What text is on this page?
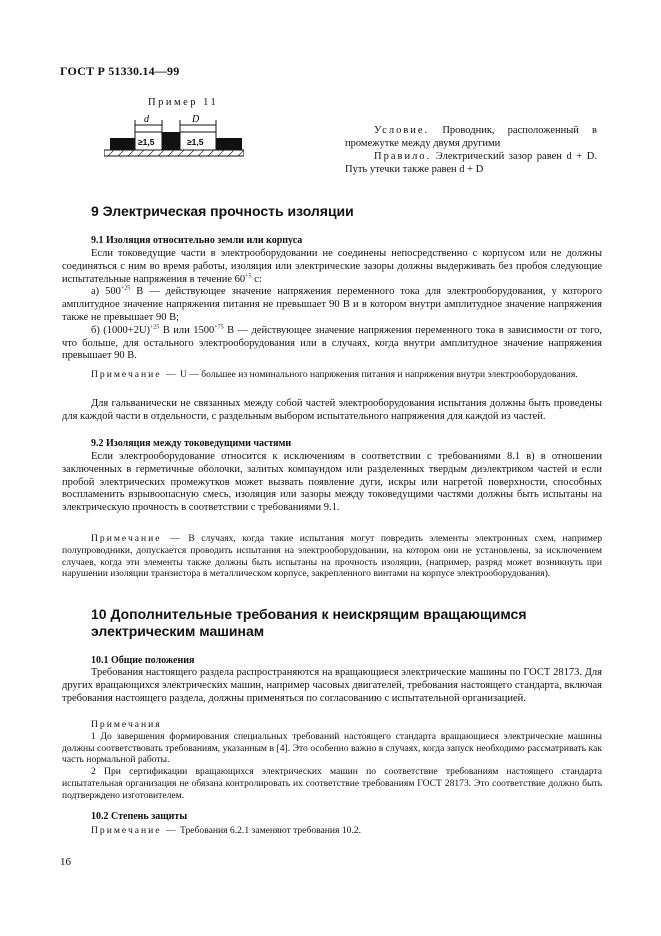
ГОСТ Р 51330.14—99
Пример 11
d	D
≥1,5	≥1,5

Условие. Проводник, расположенный в промежутке между двумя другими

Правило. Электрический зазор равен d + D. Путь утечки также равен d + D

9 Электрическая прочность изоляции
9.1 Изоляция относительно земли или корпуса

Если токоведущие части в электрооборудовании не соединены непосредственно с корпусом или не должны соединяться с ним во время работы, изоляция или электрические зазоры должны выдерживать без пробоя следующие испытательные напряжения в течение $60^{+5}$ с:

а) $500^{+25}$ В — действующее значение напряжения переменного тока для электрооборудования, у которого амплитудное значение напряжения питания не превышает 90 В и в котором внутри амплитудное значение напряжения также не превышает 90 В;

б) $(1000+2U)^{+25}$ В или $1500^{+75}$ В — действующее значение напряжения переменного тока в зависимости от того, что больше, для остального электрооборудования или в случаях, когда внутри амплитудное значение напряжения превышает 90 В.

Примечание — U — большее из номинального напряжения питания и напряжения внутри электрооборудования.

Для гальванически не связанных между собой частей электрооборудования испытания должны быть проведены для каждой части в отдельности, с раздельным выбором испытательного напряжения для каждой из частей.

9.2 Изоляция между токоведущими частями

Если электрооборудование относится к исключениям в соответствии с требованиями 8.1 в) в отношении заключенных в герметичные оболочки, залитых компаундом или разделенных твердым диэлектриком частей и если пробой электрических промежутков может вызвать появление дуги, искры или нагретой поверхности, способных воспламенить взрывоопасную смесь, изоляция или зазоры между токоведущими частями должны быть испытаны на электрическую прочность в соответствии с требованиями 9.1.

Примечание — В случаях, когда такие испытания могут повредить элементы электронных схем, например полупроводники, допускается проводить испытания на электрооборудовании, на котором они не установлены, за исключением случаев, когда эти элементы также должны быть испытаны на прочность изоляции, (например, разряд может возникнуть при нарушении изоляции транзистора в металлическом корпусе, закрепленного винтами на корпусе электрооборудования).

10 Дополнительные требования к неискрящим вращающимся электрическим машинам
10.1 Общие положения

Требования настоящего раздела распространяются на вращающиеся электрические машины по ГОСТ 28173. Для других вращающихся электрических машин, например часовых двигателей, требования настоящего стандарта, включая требования настоящего раздела, должны применяться по согласованию с испытательной организацией.

Примечания

1 До завершения формирования специальных требований настоящего стандарта вращающиеся электрические машины должны соответствовать требованиям, указанным в [4]. Это особенно важно в случаях, когда запуск необходимо рассматривать как часть нормальной работы.

2 При сертификации вращающихся электрических машин по соответствие требованиям настоящего стандарта испытательная организация не обязана контролировать их соответствие требованиям ГОСТ 28173. Это соответствие должно быть подтверждено изготовителем.

10.2 Степень защиты

Примечание — Требования 6.2.1 заменяют требования 10.2.

16
